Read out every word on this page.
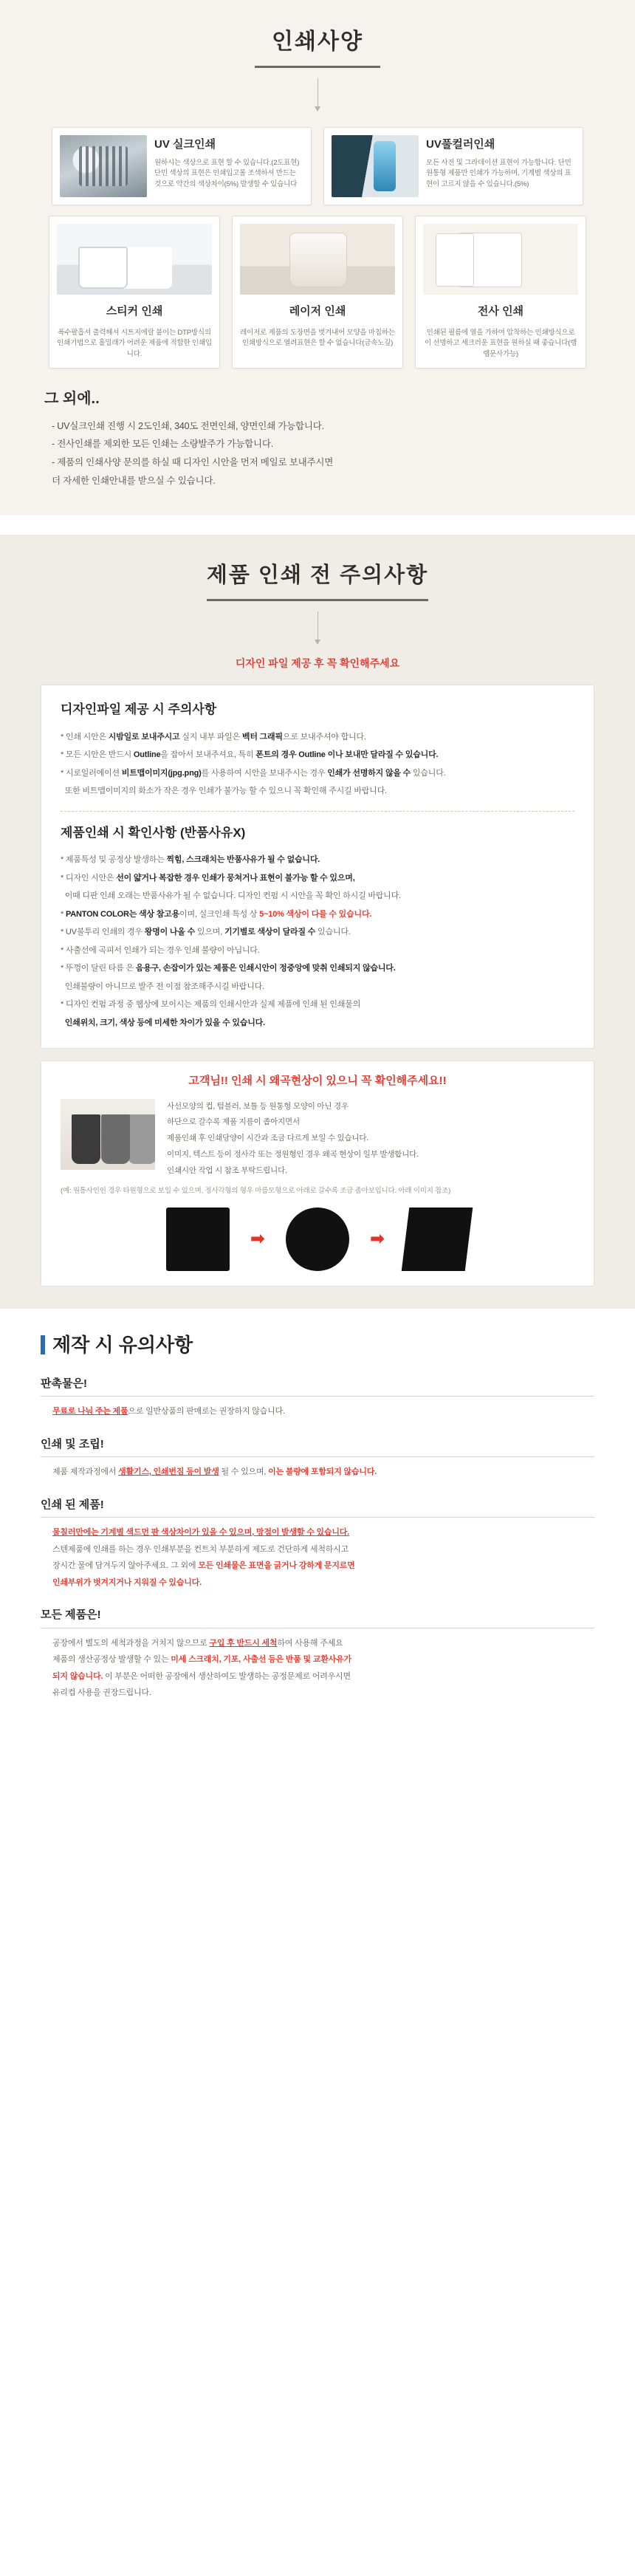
인쇄사양
UV 실크인쇄
원하시는 색상으로 표현 할 수 있습니다.(2도표현) 단민 색상의 표현은 인쇄입고롤 조색하셔 만드는 것으로 약간의 색상차이(5%) 발생할 수 있습니다
UV풀컬러인쇄
모든 사진 및 그라데이션 표현이 가능합니다. 단민 원통형 제품만 인쇄가 가능하며, 기계별 색상의 표현이 고르지 않을 수 있습니다.(5%)
스티커 인쇄
폭수팔흡셔 출력해셔 시트지에랄 붙이는 DTP방식의 인쇄기법으로 홀밀래가 어려운 제품에 적합한 인쇄입니다.
레이저 인쇄
레이저로 제품의 도장면을 벗겨내어 모양을 마칩하는 인쇄방식으로 열려표현은 할 수 없습니다(금속노깊)
전사 인쇄
인쇄된 필름에 열을 가하여 압착하는 인쇄방식으로 이 선명하고 세크러운 표현을 원하실 때 좋습니다(램랩문사가능)
그 외에..
- UV실크인쇄 진행 시 2도인쇄, 340도 전면인쇄, 양면인쇄 가능합니다.
- 전사인쇄를 제외한 모든 인쇄는 소량발주가 가능합니다.
- 제품의 인쇄사양 문의를 하실 때 디자인 시안을 먼저 메일로 보내주시면
더 자세한 인쇄안내를 받으실 수 있습니다.
제품 인쇄 전 주의사항
디자인 파일 제공 후 꼭 확인해주세요
디자인파일 제공 시 주의사항
* 인쇄 시안은 시밤일로 보내주시고 실지 내부 파일은 벡터 그래픽으로 보내주셔야 합니다.
* 모든 시안은 반드시 Outline을 잡아서 보내주셔요, 특히 폰트의 경우 Outline 이나 보내만 달라질 수 있습니다.
* 시로일러에이션 비트맵이미지(jpg.png)를 사용하여 시안을 보내주시는 경우 인쇄가 선명하지 않을 수 있습니다.
또한 비트맵이미지의 화소가 작은 경우 인쇄가 불가능 할 수 있으니 꼭 확인해 주시길 바랍니다.
제품인쇄 시 확인사항 (반품사유X)
* 제품특성 및 공정상 발생하는 찍힘, 스크래치는 반품사유가 될 수 없습니다.
* 디자인 시안은 선이 얇거나 복잡한 경우 인쇄가 뭉쳐거나 표현이 불가능 할 수 있으며,
이때 디판 인쇄 오래는 반품사유가 될 수 없습니다. 디자인 컨펌 시 시안을 꼭 확인 하시길 바랍니다.
* PANTON COLOR는 색상 참고용이며, 실크인쇄 특성 상 5~10% 색상이 다를 수 있습니다.
* UV불투리 인쇄의 경우 왕명이 나올 수 있으며, 기기별로 색상이 달라질 수 있습니다.
* 사출선에 곡피서 인쇄가 되는 경우 인쇄 불량이 아닙니다.
* 뚜껑이 달린 타름 은 음용구, 손잡이가 있는 제품은 인쇄시안이 정중앙에 맞취 인쇄되지 않습니다.
인쇄불량이 아니므로 발주 전 이점 참조해주시길 바랍니다.
* 디자인 컨펌 과정 중 웹상에 보이시는 제품의 인쇄시안과 실제 제품에 인쇄 된 인쇄물의
인쇄위치, 크기, 색상 등에 미세한 차이가 있을 수 있습니다.
고객님!! 인쇄 시 왜곡현상이 있으니 꼭 확인해주세요!!
사선모양의 컵, 텀블러, 보틀 등 원통형 모양이 아닌 경우
하단으로 갈수록 제품 지름이 좁아지면서
제품인쇄 후 인쇄당양이 시간과 조금 다르게 보일 수 있습니다.
이미지, 텍스트 등이 정사각 또는 정원형인 경우 왜곡 현상이 일부 발생합니다.
인쇄시안 작업 시 참조 부탁드립니다.
(예: 원통사인인 경우 타원형으로 보일 수 있으며, 정사각형의 형우 마름모형으로 아래로 갈수록 조금 좁아보입니다. 아래 이미지 참조)
➡	➡
제작 시 유의사항
판촉물은!
무료로 나눠 주는 제품으로 일반상품의 판매로는 권장하지 않습니다.
인쇄 및 조립!
제품 제작과정에서 생활기스, 인쇄번짐 등이 발생 될 수 있으며, 이는 불량에 포함되지 않습니다.
인쇄 된 제품!
물칠러만에는 기계별 색드먼 판 색상차이가 있을 수 있으며, 망점이 발생할 수 있습니다.
스텐제품에 인쇄를 하는 경우 인쇄부분을 컨트치 부분하게 제도로 건단하게 세척하시고
장시간 물에 담겨두지 않아주세요. 그 외에 모든 인쇄물은 표면을 긁거나 강하게 문지르면
인쇄부위가 벗겨지거나 지워질 수 있습니다.
모든 제품은!
공장에서 별도의 세척과정을 거치지 않으므로 구입 후 반드시 세척하여 사용해 주세요
제품의 생산공정상 발생할 수 있는 미세 스크래치, 기포, 사출선 등은 반품 및 교환사유가
되지 않습니다. 이 부분은 어떠한 공장에서 생산하여도 발생하는 공정문제로 어려우시면
유리컵 사용을 권장드립니다.
